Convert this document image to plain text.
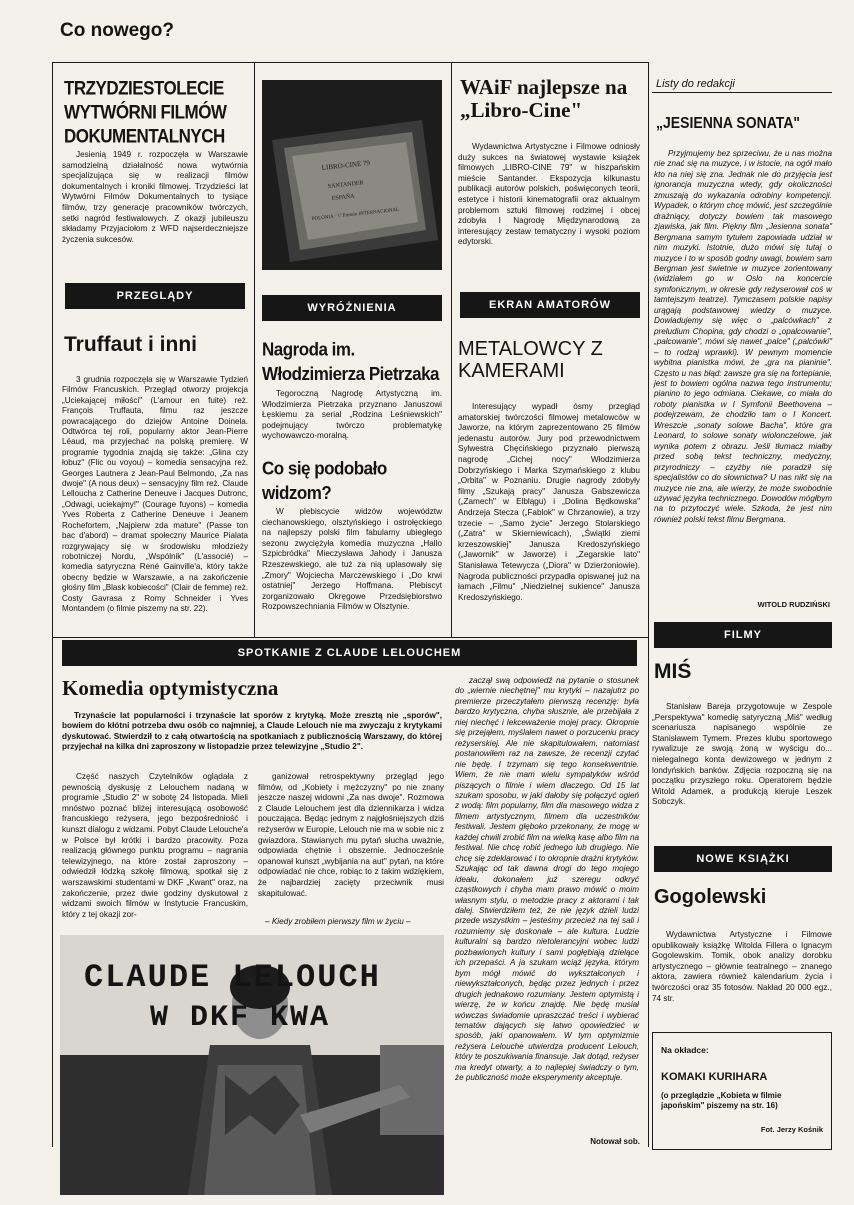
Co nowego?
TRZYDZIESTOLECIE WYTWÓRNI FILMÓW DOKUMENTALNYCH
Jesienią 1949 r. rozpoczęła w Warszawie samodzielną działalność nowa wytwórnia specjalizująca się w realizacji filmów dokumentalnych i kroniki filmowej. Trzydzieści lat Wytwórni Filmów Dokumentalnych to tysiące filmów, trzy generacje pracowników twórczych, setki nagród festiwalowych. Z okazji jubileuszu składamy Przyjaciołom z WFD najserdeczniejsze życzenia sukcesów.
PRZEGLĄDY
Truffaut i inni
3 grudnia rozpoczęła się w Warszawie Tydzień Filmów Francuskich. Przegląd otworzy projekcja „Uciekającej miłości" (L'amour en fuite) reż. François Truffauta, filmu raz jeszcze powracającego do dziejów Antoine Doinela. Odtwórca tej roli, popularny aktor Jean-Pierre Léaud, ma przyjechać na polską premierę. W programie tygodnia znajdą się także: „Glina czy łobuz" (Flic ou voyou) – komedia sensacyjna reż. Georges Lautnera z Jean-Paul Belmondo, „Za nas dwoje" (A nous deux) – sensacyjny film reż. Claude Lelloucha z Catherine Deneuve i Jacques Dutronc, „Odwagi, uciekajmy!" (Courage fuyons) – komedia Yves Roberta z Catherine Deneuve i Jeanem Rochefortem, „Najpierw zda mature" (Passe ton bac d'abord) – dramat społeczny Maurice Pialata rozgrywający się w środowisku młodzieży robotniczej Nordu, „Wspólnik" (L'associé) – komedia satyryczna René Gainville'a, który także obecny będzie w Warszawie, a na zakończenie głośny film „Blask kobiecości" (Clair de femme) reż. Costy Gavrasa z Romy Schneider i Yves Montandem (o filmie piszemy na str. 22).
LIBRO-CINE 79
SANTANDER
ESPAÑA
POLONIA · 1º Premio INTERNACIONAL
WYRÓŻNIENIA
Nagroda im. Włodzimierza Pietrzaka
Tegoroczną Nagrodę Artystyczną im. Włodzimierza Pietrzaka przyznano Januszowi Łęskiemu za serial „Rodzina Leśniewskich" podejmujący twórczo problematykę wychowawczo-moralną.
Co się podobało widzom?
W plebiscycie widzów województw ciechanowskiego, olsztyńskiego i ostrołęckiego na najlepszy polski film fabularny ubiegłego sezonu zwyciężyła komedia muzyczna „Hallo Szpicbródka" Mieczysława Jahody i Janusza Rzeszewskiego, ale tuż za nią uplasowały się „Zmory" Wojciecha Marczewskiego i „Do krwi ostatniej" Jerzego Hoffmana. Plebiscyt zorganizowało Okręgowe Przedsiębiorstwo Rozpowszechniania Filmów w Olsztynie.
WAiF najlepsze na „Libro-Cine"
Wydawnictwa Artystyczne i Filmowe odniosły duży sukces na światowej wystawie książek filmowych „LIBRO-CINE 79" w hiszpańskim mieście Santander. Ekspozycja kilkunastu publikacji autorów polskich, poświęconych teorii, estetyce i historii kinematografii oraz aktualnym problemom sztuki filmowej rodzimej i obcej zdobyła I Nagrodę Międzynarodową za interesujący zestaw tematyczny i wysoki poziom edytorski.
EKRAN AMATORÓW
METALOWCY Z KAMERAMI
Interesujący wypadł ósmy przegląd amatorskiej twórczości filmowej metalowców w Jaworze, na którym zaprezentowano 25 filmów jedenastu autorów. Jury pod przewodnictwem Sylwestra Chęcińskiego przyznało pierwszą nagrodę „Cichej nocy" Włodzimierza Dobrzyńskiego i Marka Szymańskiego z klubu „Orbita" w Poznaniu. Drugie nagrody zdobyły filmy „Szukają pracy" Janusza Gabszewicza („Zamech" w Elblągu) i „Dolina Będkowska" Andrzeja Stecza („Fablok" w Chrzanowie), a trzy trzecie – „Samo życie" Jerzego Stolarskiego („Zatra" w Skierniewicach), „Świątki ziemi krzeszowskiej" Janusza Kredoszyńskiego („Jawornik" w Jaworze) i „Zegarskie lato" Stanisława Tetewycza („Diora" w Dzierżoniowie). Nagroda publiczności przypadła opiswanej już na łamach „Filmu" „Niedzielnej sukience" Janusza Kredoszyńskiego.
Listy do redakcji
„JESIENNA SONATA"
Przyjmujemy bez sprzeciwu, że u nas można nie znać się na muzyce, i w istocie, na ogół mało kto na niej się zna. Jednak nie do przyjęcia jest ignorancja muzyczna wtedy, gdy okoliczności zmuszają do wykazania odrobiny kompetencji. Wypadek, o którym chcę mówić, jest szczególnie drażniący, dotyczy bowiem tak masowego zjawiska, jak film. Piękny film „Jesienna sonata" Bergmana samym tytułem zapowiada udział w nim muzyki. Istotnie, dużo mówi się tutaj o muzyce i to w sposób godny uwagi, bowiem sam Bergman jest świetnie w muzyce zorientowany (widziałem go w Oslo na koncercie symfonicznym, w okresie gdy reżyserował coś w tamtejszym teatrze). Tymczasem polskie napisy urągają podstawowej wiedzy o muzyce. Dowiadujemy się więc o „palcówkach" z preludium Chopina, gdy chodzi o „opalcowanie", „palcowanie", mówi się nawet „palce" („palcówki" – to rodzaj wprawki). W pewnym momencie wybitna pianistka mówi, że „gra na pianinie". Często u nas błąd: zawsze gra się na fortepianie, jest to bowiem ogólna nazwa tego instrumentu; pianino to jego odmiana. Ciekawe, co miała do roboty pianistka w I Symfonii Beethovena – podejrzewam, że chodziło tam o I Koncert. Wreszcie „sonaty solowe Bacha", które gra Leonard, to solowe sonaty wiolonczelowe, jak wynika potem z obrazu. Jeśli tłumacz miałby przed sobą tekst techniczny, medyczny, przyrodniczy – czyżby nie poradził się specjalistów co do słownictwa? U nas nikt się na muzyce nie zna, ale wierzy, że może swobodnie używać języka technicznego. Dowodów mógłbym na to przytoczyć wiele. Szkoda, że jest nim również polski tekst filmu Bergmana.
WITOLD RUDZIŃSKI
FILMY
MIŚ
Stanisław Bareja przygotowuje w Zespole „Perspektywa" komedię satyryczną „Miś" według scenariusza napisanego wspólnie ze Stanisławem Tymem. Prezes klubu sportowego rywalizuje ze swoją żoną w wyścigu do... nielegalnego konta dewizowego w jednym z londyńskich banków. Zdjęcia rozpoczną się na początku przyszłego roku. Operatorem będzie Witold Adamek, a produkcją kieruje Leszek Sobczyk.
NOWE KSIĄŻKI
Gogolewski
Wydawnictwa Artystyczne i Filmowe opublikowały książkę Witolda Fillera o Ignacym Gogolewskim. Tomik, obok analizy dorobku artystycznego – głównie teatralnego – znanego aktora, zawiera również kalendarium życia i twórczości oraz 35 fotosów. Nakład 20 000 egz., 74 str.
Na okładce:
KOMAKI KURIHARA
(o przeglądzie „Kobieta w filmie japońskim" piszemy na str. 16)
Fot. Jerzy Kośnik
SPOTKANIE Z CLAUDE LELOUCHEM
Komedia optymistyczna
Trzynaście lat popularności i trzynaście lat sporów z krytyką. Może zresztą nie „sporów", bowiem do kłótni potrzeba dwu osób co najmniej, a Claude Lelouch nie ma zwyczaju z krytykami dyskutować. Stwierdził to z całą otwartością na spotkaniach z publicznością Warszawy, do której przyjechał na kilka dni zaproszony w listopadzie przez telewizyjne „Studio 2".
Część naszych Czytelników oglądała z pewnością dyskusję z Lelouchem nadaną w programie „Studio 2" w sobotę 24 listopada. Mieli mnóstwo poznać bliżej interesującą osobowość francuskiego reżysera, jego bezpośredniość i kunszt dialogu z widzami. Pobyt Claude Lelouche'a w Polsce był krótki i bardzo pracowity. Poza realizacją głównego punktu programu – nagrania telewizyjnego, na które został zaproszony – odwiedził łódzką szkołę filmową, spotkał się z warszawskimi studentami w DKF „Kwant" oraz, na zakończenie, przez dwie godziny dyskutował z widzami swoich filmów w Instytucie Francuskim, który z tej okazji zor-
ganizował retrospektywny przegląd jego filmów, od „Kobiety i mężczyzny" po nie znany jeszcze naszej widowni „Za nas dwoje". Rozmowa z Claude Lelouchem jest dla dziennikarza i widza pouczająca. Będąc jednym z najgłośniejszych dziś reżyserów w Europie, Lelouch nie ma w sobie nic z gwiazdora. Stawianych mu pytań słucha uważnie, odpowiada chętnie i obszernie. Jednocześnie opanował kunszt „wybijania na aut" pytań, na które odpowiadać nie chce, robiąc to z takim wdziękiem, że najbardziej zacięty przeciwnik musi skapitulować.
– Kiedy zrobiłem pierwszy film w życiu –
zaczął swą odpowiedź na pytanie o stosunek do „wiernie niechętnej" mu krytyki – nazajutrz po premierze przeczytałem pierwszą recenzję: była bardzo krytyczna, chyba słusznie, ale przebijała z niej niechęć i lekceważenie mojej pracy. Okropnie się przejąłem, myślałem nawet o porzuceniu pracy reżyserskiej. Ale nie skapitulowałem, natomiast postanowiłem raz na zawsze, że recenzji czytać nie będę. I trzymam się tego konsekwentnie. Wiem, że nie mam wielu sympatyków wśród piszących o filmie i wiem dlaczego. Od 15 lat szukam sposobu, w jaki dałoby się połączyć ogień z wodą: film popularny, film dla masowego widza z filmem artystycznym, filmem dla uczestników festiwali. Jestem głęboko przekonany, że mogę w każdej chwili zrobić film na wielką kasę albo film na festiwal. Nie chcę robić jednego lub drugiego. Nie chcę się zdeklarować i to okropnie drażni krytyków. Szukając od tak dawna drogi do tego mojego ideału, dokonałem już szeregu odkryć cząstkowych i chyba mam prawo mówić o moim własnym stylu, o metodzie pracy z aktorami i tak dalej. Stwierdziłem też, że nie język dzieli ludzi przede wszystkim – jesteśmy przecież na tej sali i rozumiemy się doskonale – ale kultura. Ludzie kulturalni są bardzo nietolerancyjni wobec ludzi pozbawionych kultury i sami pogłębiają dzielące ich przepaści. A ja szukam wciąż języka, którym bym mógł mówić do wykształconych i niewykształconych, będąc przez jednych i przez drugich jednakowo rozumiany. Jestem optymistą i wierzę, że w końcu znajdę. Nie będę musiał wówczas świadomie upraszczać treści i wybierać tematów dających się łatwo opowiedzieć w sposób, jaki opanowałem. W tym optymizmie reżysera Lelouche utwierdza producent Lelouch, który te poszukiwania finansuje. Jak dotąd, reżyser ma kredyt otwarty, a to najlepiej świadczy o tym, że publiczność może eksperymenty akceptuje.
Notował sob.
CLAUDE LELOUCH
W DKF KWA
